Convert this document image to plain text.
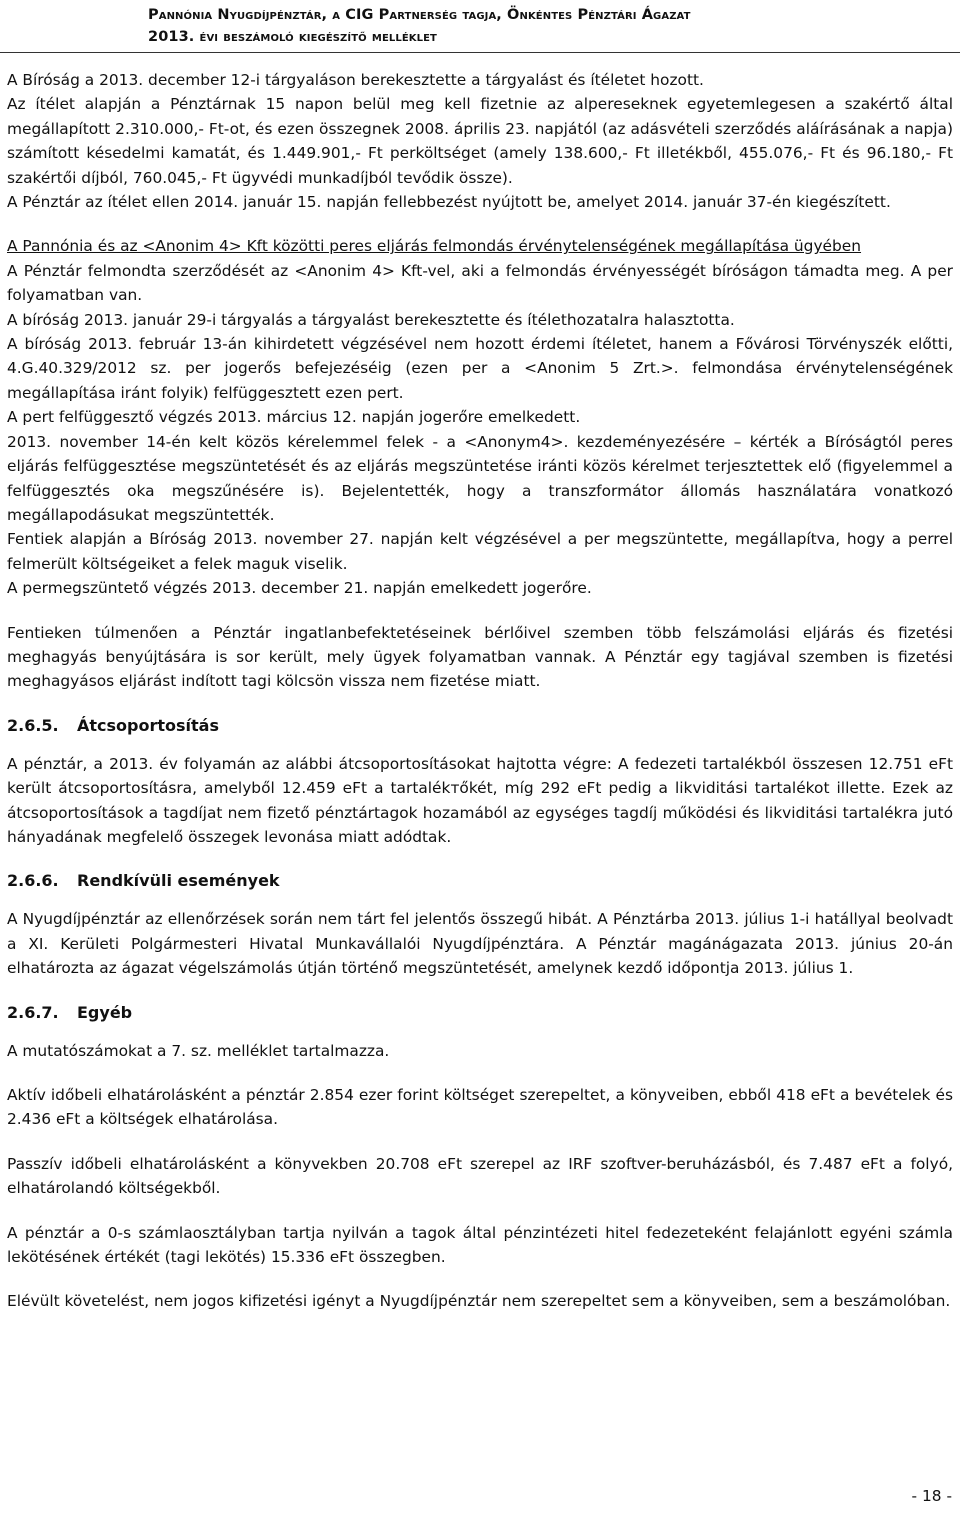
Pannónia Nyugdíjpénztár, a CIG Partnerség tagja, Önkéntes Pénztári Ágazat
2013. évi beszámoló kiegészítő melléklet

A Bíróság a 2013. december 12-i tárgyaláson berekesztette a tárgyalást és ítéletet hozott.

Az ítélet alapján a Pénztárnak 15 napon belül meg kell fizetnie az alpereseknek egyetemlegesen a szakértő által megállapított 2.310.000,- Ft-ot, és ezen összegnek 2008. április 23. napjától (az adásvételi szerződés aláírásának a napja) számított késedelmi kamatát, és 1.449.901,- Ft perköltséget (amely 138.600,- Ft illetékből, 455.076,- Ft és 96.180,- Ft szakértői díjból, 760.045,- Ft ügyvédi munkadíjból tevődik össze).

A Pénztár az ítélet ellen 2014. január 15. napján fellebbezést nyújtott be, amelyet 2014. január 37-én kiegészített.

A Pannónia és az <Anonim 4> Kft közötti peres eljárás felmondás érvénytelenségének megállapítása ügyében

A Pénztár felmondta szerződését az <Anonim 4> Kft-vel, aki a felmondás érvényességét bíróságon támadta meg. A per folyamatban van.

A bíróság 2013. január 29-i tárgyalás a tárgyalást berekesztette és ítélethozatalra halasztotta.

A bíróság 2013. február 13-án kihirdetett végzésével nem hozott érdemi ítéletet, hanem a Fővárosi Törvényszék előtti, 4.G.40.329/2012 sz. per jogerős befejezéséig (ezen per a <Anonim 5 Zrt.>. felmondása érvénytelenségének megállapítása iránt folyik) felfüggesztett ezen pert.

A pert felfüggesztő végzés 2013. március 12. napján jogerőre emelkedett.

2013. november 14-én kelt közös kérelemmel felek - a <Anonym4>. kezdeményezésére – kérték a Bíróságtól peres eljárás felfüggesztése megszüntetését és az eljárás megszüntetése iránti közös kérelmet terjesztettek elő (figyelemmel a felfüggesztés oka megszűnésére is). Bejelentették, hogy a transzformátor állomás használatára vonatkozó megállapodásukat megszüntették.

Fentiek alapján a Bíróság 2013. november 27. napján kelt végzésével a per megszüntette, megállapítva, hogy a perrel felmerült költségeiket a felek maguk viselik.

A permegszüntető végzés 2013. december 21. napján emelkedett jogerőre.

Fentieken túlmenően a Pénztár ingatlanbefektetéseinek bérlőivel szemben több felszámolási eljárás és fizetési meghagyás benyújtására is sor került, mely ügyek folyamatban vannak. A Pénztár egy tagjával szemben is fizetési meghagyásos eljárást indított tagi kölcsön vissza nem fizetése miatt.

2.6.5.	Átcsoportosítás

A pénztár, a 2013. év folyamán az alábbi átcsoportosításokat hajtotta végre: A fedezeti tartalékból összesen 12.751 eFt került átcsoportosításra, amelyből 12.459 eFt a tartalékтőkét, míg 292 eFt pedig a likviditási tartalékot illette. Ezek az átcsoportosítások a tagdíjat nem fizető pénztártagok hozamából az egységes tagdíj működési és likviditási tartalékra jutó hányadának megfelelő összegek levonása miatt adódtak.

2.6.6.	Rendkívüli események

A Nyugdíjpénztár az ellenőrzések során nem tárt fel jelentős összegű hibát. A Pénztárba 2013. július 1-i hatállyal beolvadt a XI. Kerületi Polgármesteri Hivatal Munkavállalói Nyugdíjpénztára. A Pénztár magánágazata 2013. június 20-án elhatározta az ágazat végelszámolás útján történő megszüntetését, amelynek kezdő időpontja 2013. július 1.

2.6.7.	Egyéb

A mutatószámokat a 7. sz. melléklet tartalmazza.

Aktív időbeli elhatárolásként a pénztár 2.854 ezer forint költséget szerepeltet, a könyveiben, ebből 418 eFt a bevételek és 2.436 eFt a költségek elhatárolása.

Passzív időbeli elhatárolásként a könyvekben 20.708 eFt szerepel az IRF szoftver-beruházásból, és 7.487 eFt a folyó, elhatárolandó költségekből.

A pénztár a 0-s számlaosztályban tartja nyilván a tagok által pénzintézeti hitel fedezeteként felajánlott egyéni számla lekötésének értékét (tagi lekötés) 15.336 eFt összegben.

Elévült követelést, nem jogos kifizetési igényt a Nyugdíjpénztár nem szerepeltet sem a könyveiben, sem a beszámolóban.

- 18 -
